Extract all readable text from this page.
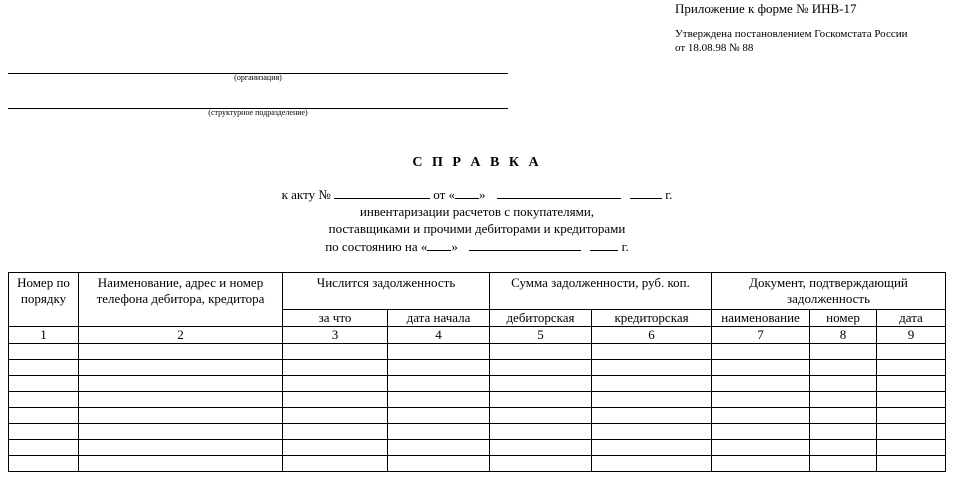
Приложение к форме № ИНВ-17
Утверждена постановлением Госкомстата России
от 18.08.98 № 88
(организация)
(структурное подразделение)
С П Р А В К А
к акту №	от « »	г.
инвентаризации расчетов с покупателями,
поставщиками и прочими дебиторами и кредиторами
по состоянию на « »	г.
Номер по порядку	Наименование, адрес и номер телефона дебитора, кредитора	Числится задолженность		Сумма задолженности, руб. коп.		Документ, подтверждающий задолженность		
		за что	дата начала	дебиторская	кредиторская	наименование	номер	дата
1	2	3	4	5	6	7	8	9
